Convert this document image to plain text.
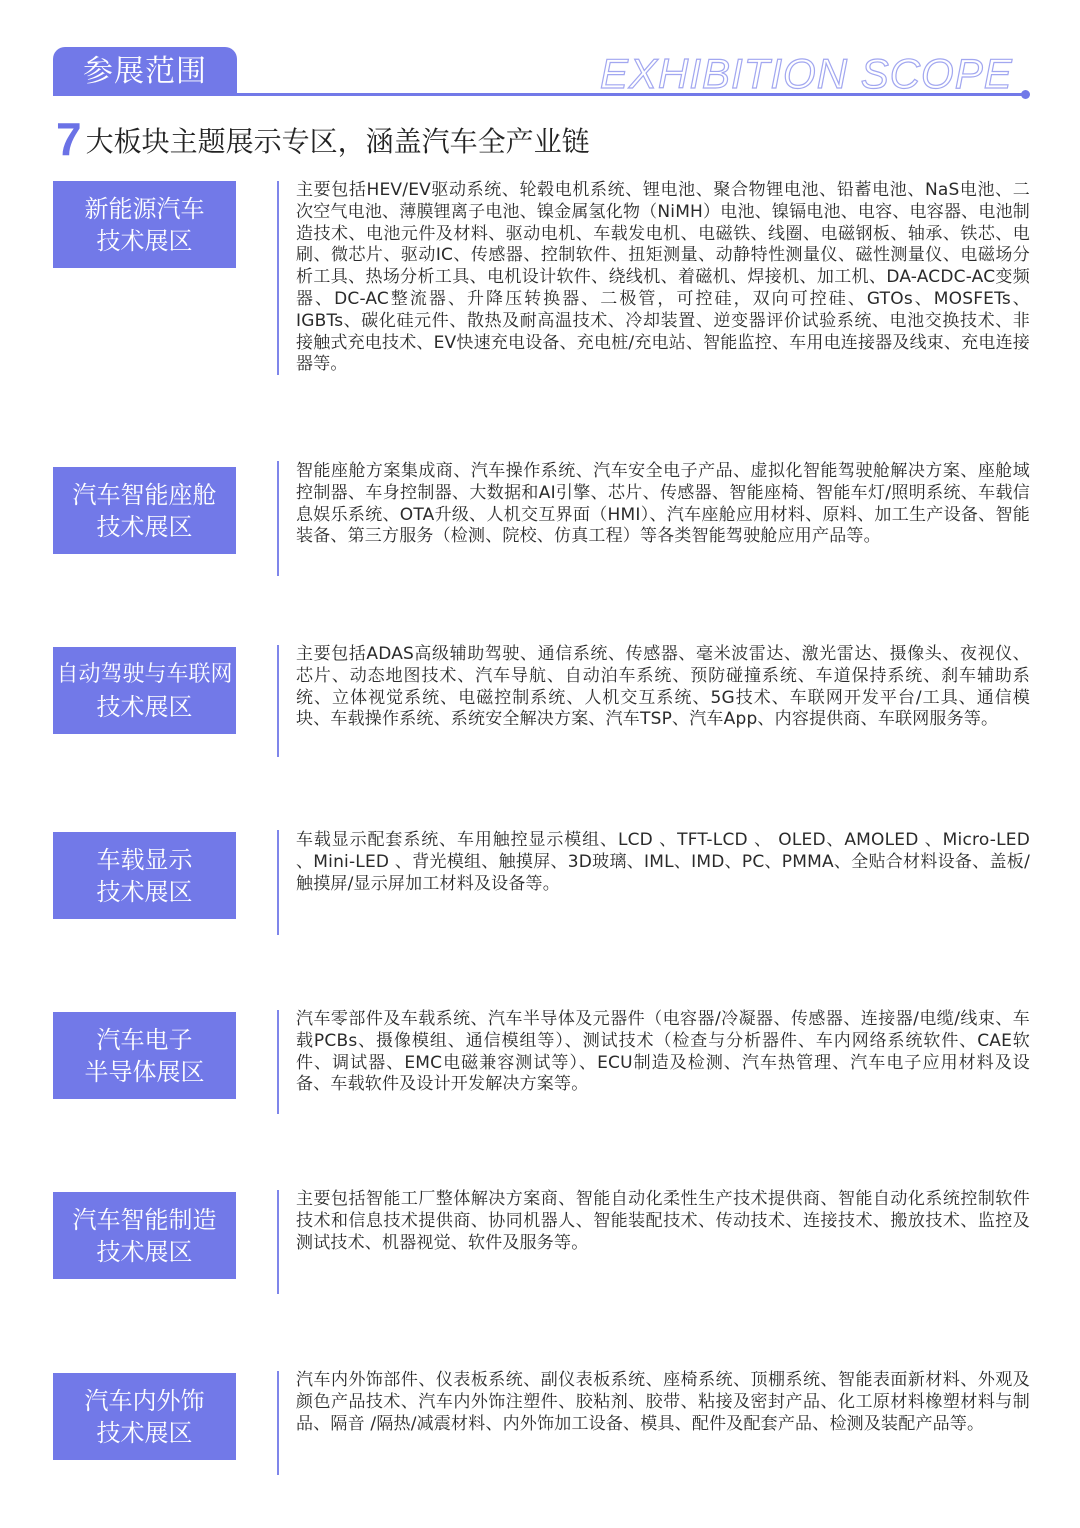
参展范围	EXHIBITION SCOPE
7 大板块主题展示专区，涵盖汽车全产业链
新能源汽车
技术展区
主要包括HEV/EV驱动系统、轮毂电机系统、锂电池、聚合物锂电池、铅蓄电池、NaS电池、二次空气电池、薄膜锂离子电池、镍金属氢化物（NiMH）电池、镍镉电池、电容、电容器、电池制造技术、电池元件及材料、驱动电机、车载发电机、电磁铁、线圈、电磁钢板、轴承、铁芯、电刷、微芯片、驱动IC、传感器、控制软件、扭矩测量、动静特性测量仪、磁性测量仪、电磁场分析工具、热场分析工具、电机设计软件、绕线机、着磁机、焊接机、加工机、DA-ACDC-AC变频器、DC-AC整流器、升降压转换器、二极管，可控硅，双向可控硅、GTOs、MOSFETs、IGBTs、碳化硅元件、散热及耐高温技术、冷却装置、逆变器评价试验系统、电池交换技术、非接触式充电技术、EV快速充电设备、充电桩/充电站、智能监控、车用电连接器及线束、充电连接器等。
汽车智能座舱
技术展区
智能座舱方案集成商、汽车操作系统、汽车安全电子产品、虚拟化智能驾驶舱解决方案、座舱域控制器、车身控制器、大数据和AI引擎、芯片、传感器、智能座椅、智能车灯/照明系统、车载信息娱乐系统、OTA升级、人机交互界面（HMI）、汽车座舱应用材料、原料、加工生产设备、智能装备、第三方服务（检测、院校、仿真工程）等各类智能驾驶舱应用产品等。
自动驾驶与车联网
技术展区
主要包括ADAS高级辅助驾驶、通信系统、传感器、毫米波雷达、激光雷达、摄像头、夜视仪、芯片、动态地图技术、汽车导航、自动泊车系统、预防碰撞系统、车道保持系统、刹车辅助系统、立体视觉系统、电磁控制系统、人机交互系统、5G技术、车联网开发平台/工具、通信模块、车载操作系统、系统安全解决方案、汽车TSP、汽车App、内容提供商、车联网服务等。
车载显示
技术展区
车载显示配套系统、车用触控显示模组、LCD 、TFT-LCD 、 OLED、AMOLED 、Micro-LED 、Mini-LED 、背光模组、触摸屏、3D玻璃、IML、IMD、PC、PMMA、全贴合材料设备、盖板/触摸屏/显示屏加工材料及设备等。
汽车电子
半导体展区
汽车零部件及车载系统、汽车半导体及元器件（电容器/冷凝器、传感器、连接器/电缆/线束、车载PCBs、摄像模组、通信模组等）、测试技术（检查与分析器件、车内网络系统软件、CAE软件、调试器、EMC电磁兼容测试等）、ECU制造及检测、汽车热管理、汽车电子应用材料及设备、车载软件及设计开发解决方案等。
汽车智能制造
技术展区
主要包括智能工厂整体解决方案商、智能自动化柔性生产技术提供商、智能自动化系统控制软件技术和信息技术提供商、协同机器人、智能装配技术、传动技术、连接技术、搬放技术、监控及测试技术、机器视觉、软件及服务等。
汽车内外饰
技术展区
汽车内外饰部件、仪表板系统、副仪表板系统、座椅系统、顶棚系统、智能表面新材料、外观及颜色产品技术、汽车内外饰注塑件、胶粘剂、胶带、粘接及密封产品、化工原材料橡塑材料与制品、隔音 /隔热/减震材料、内外饰加工设备、模具、配件及配套产品、检测及装配产品等。
